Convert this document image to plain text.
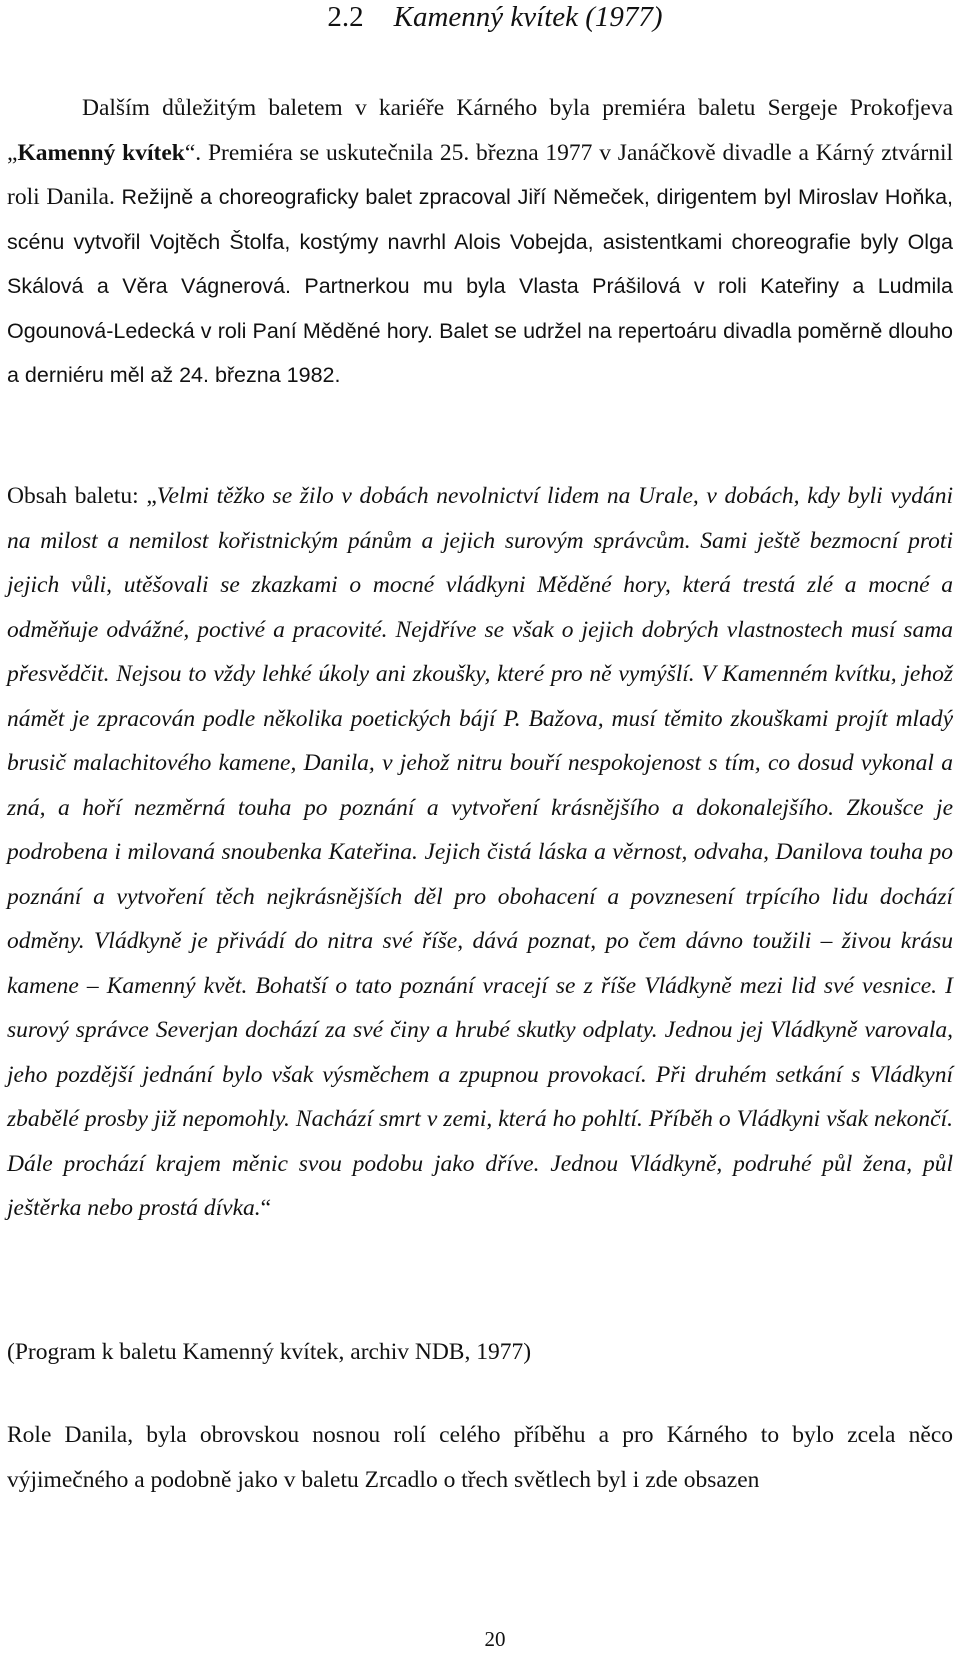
2.2 Kamenný kvítek (1977)

Dalším důležitým baletem v kariéře Kárného byla premiéra baletu Sergeje Prokofjeva „Kamenný kvítek“. Premiéra se uskutečnila 25. března 1977 v Janáčkově divadle a Kárný ztvárnil roli Danila. Režijně a choreograficky balet zpracoval Jiří Němeček, dirigentem byl Miroslav Hoňka, scénu vytvořil Vojtěch Štolfa, kostýmy navrhl Alois Vobejda, asistentkami choreografie byly Olga Skálová a Věra Vágnerová. Partnerkou mu byla Vlasta Prášilová v roli Kateřiny a Ludmila Ogounová-Ledecká v roli Paní Měděné hory. Balet se udržel na repertoáru divadla poměrně dlouho a derniéru měl až 24. března 1982.

Obsah baletu: „Velmi těžko se žilo v dobách nevolnictví lidem na Urale, v dobách, kdy byli vydáni na milost a nemilost kořistnickým pánům a jejich surovým správcům. Sami ještě bezmocní proti jejich vůli, utěšovali se zkazkami o mocné vládkyni Měděné hory, která trestá zlé a mocné a odměňuje odvážné, poctivé a pracovité. Nejdříve se však o jejich dobrých vlastnostech musí sama přesvědčit. Nejsou to vždy lehké úkoly ani zkoušky, které pro ně vymýšlí. V Kamenném kvítku, jehož námět je zpracován podle několika poetických bájí P. Bažova, musí těmito zkouškami projít mladý brusič malachitového kamene, Danila, v jehož nitru bouří nespokojenost s tím, co dosud vykonal a zná, a hoří nezměrná touha po poznání a vytvoření krásnějšího a dokonalejšího. Zkoušce je podrobena i milovaná snoubenka Kateřina. Jejich čistá láska a věrnost, odvaha, Danilova touha po poznání a vytvoření těch nejkrásnějších děl pro obohacení a povznesení trpícího lidu dochází odměny. Vládkyně je přivádí do nitra své říše, dává poznat, po čem dávno toužili – živou krásu kamene – Kamenný květ. Bohatší o tato poznání vracejí se z říše Vládkyně mezi lid své vesnice. I surový správce Severjan dochází za své činy a hrubé skutky odplaty. Jednou jej Vládkyně varovala, jeho pozdější jednání bylo však výsměchem a zpupnou provokací. Při druhém setkání s Vládkyní zbabělé prosby již nepomohly. Nachází smrt v zemi, která ho pohltí. Příběh o Vládkyni však nekončí. Dále prochází krajem měnic svou podobu jako dříve. Jednou Vládkyně, podruhé půl žena, půl ještěrka nebo prostá dívka.“

(Program k baletu Kamenný kvítek, archiv NDB, 1977)

Role Danila, byla obrovskou nosnou rolí celého příběhu a pro Kárného to bylo zcela něco výjimečného a podobně jako v baletu Zrcadlo o třech světlech byl i zde obsazen

20
